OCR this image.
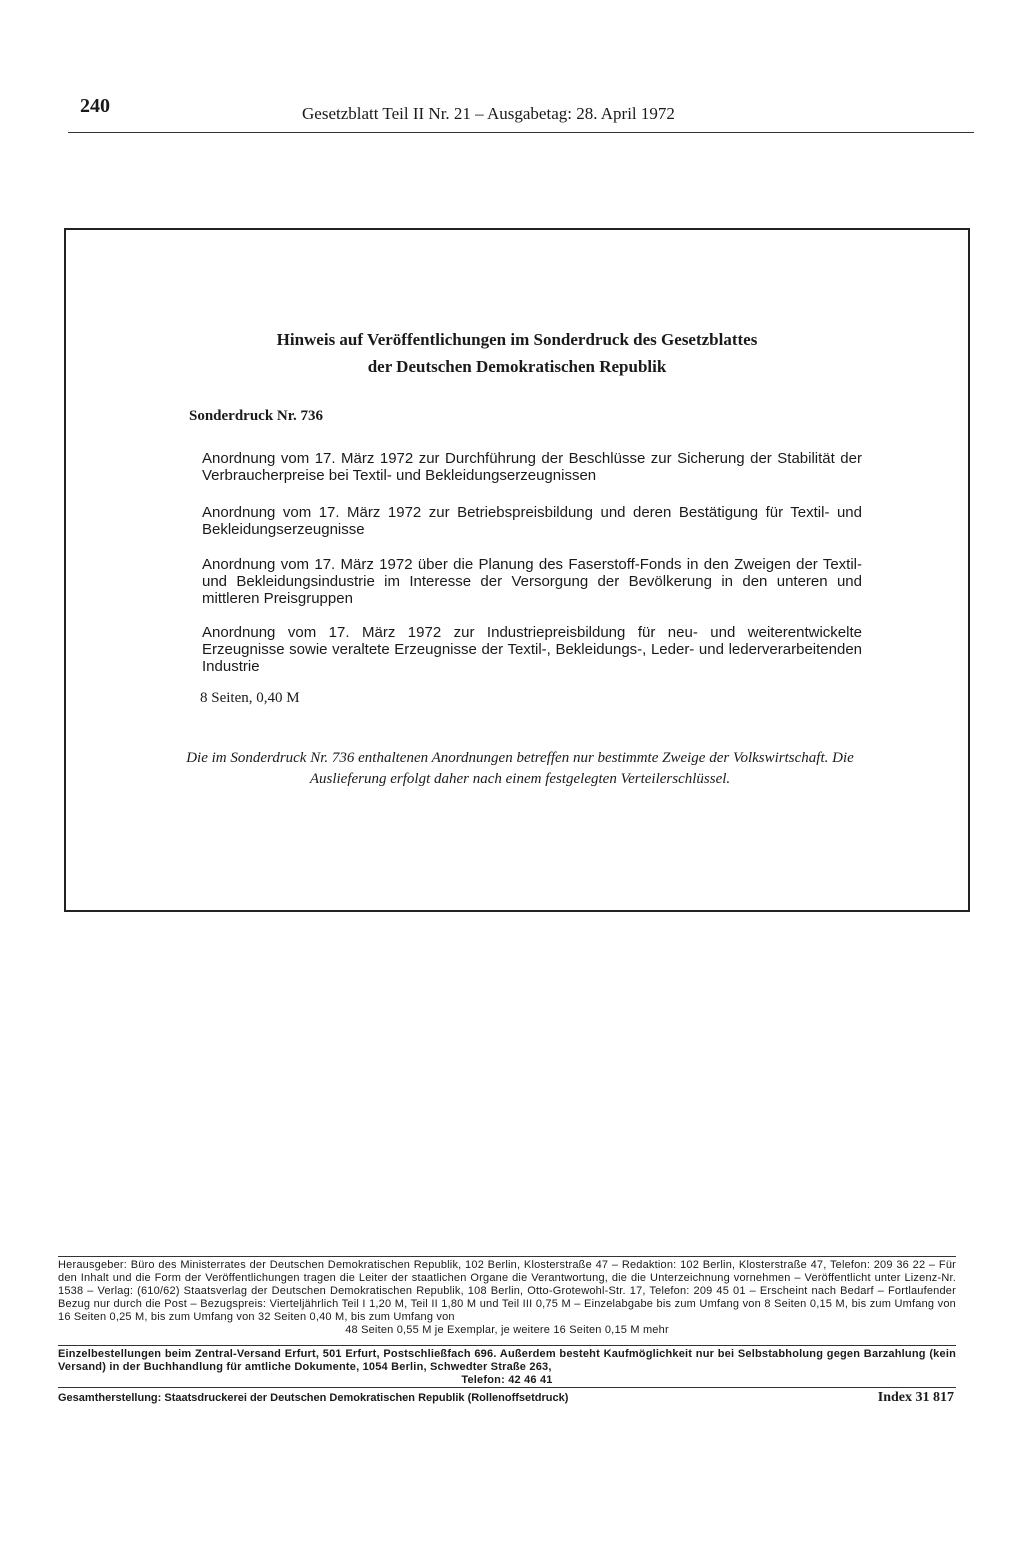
240	Gesetzblatt Teil II Nr. 21 – Ausgabetag: 28. April 1972
Hinweis auf Veröffentlichungen im Sonderdruck des Gesetzblattes
der Deutschen Demokratischen Republik
Sonderdruck Nr. 736
Anordnung vom 17. März 1972 zur Durchführung der Beschlüsse zur Sicherung der Stabilität der Verbraucherpreise bei Textil- und Bekleidungserzeugnissen
Anordnung vom 17. März 1972 zur Betriebspreisbildung und deren Bestätigung für Textil- und Bekleidungserzeugnisse
Anordnung vom 17. März 1972 über die Planung des Faserstoff-Fonds in den Zweigen der Textil- und Bekleidungsindustrie im Interesse der Versorgung der Bevölkerung in den unteren und mittleren Preisgruppen
Anordnung vom 17. März 1972 zur Industriepreisbildung für neu- und weiterentwickelte Erzeugnisse sowie veraltete Erzeugnisse der Textil-, Bekleidungs-, Leder- und lederverarbeitenden Industrie
8 Seiten, 0,40 M
Die im Sonderdruck Nr. 736 enthaltenen Anordnungen betreffen nur bestimmte Zweige der Volkswirtschaft. Die Auslieferung erfolgt daher nach einem festgelegten Verteilerschlüssel.
Herausgeber: Büro des Ministerrates der Deutschen Demokratischen Republik, 102 Berlin, Klosterstraße 47 – Redaktion: 102 Berlin, Klosterstraße 47, Telefon: 209 36 22 – Für den Inhalt und die Form der Veröffentlichungen tragen die Leiter der staatlichen Organe die Verantwortung, die die Unterzeichnung vornehmen – Veröffentlicht unter Lizenz-Nr. 1538 – Verlag: (610/62) Staatsverlag der Deutschen Demokratischen Republik, 108 Berlin, Otto-Grotewohl-Str. 17, Telefon: 209 45 01 – Erscheint nach Bedarf – Fortlaufender Bezug nur durch die Post – Bezugspreis: Vierteljährlich Teil I 1,20 M, Teil II 1,80 M und Teil III 0,75 M – Einzelabgabe bis zum Umfang von 8 Seiten 0,15 M, bis zum Umfang von 16 Seiten 0,25 M, bis zum Umfang von 32 Seiten 0,40 M, bis zum Umfang von
48 Seiten 0,55 M je Exemplar, je weitere 16 Seiten 0,15 M mehr
Einzelbestellungen beim Zentral-Versand Erfurt, 501 Erfurt, Postschließfach 696. Außerdem besteht Kaufmöglichkeit nur bei Selbstabholung gegen Barzahlung (kein Versand) in der Buchhandlung für amtliche Dokumente, 1054 Berlin, Schwedter Straße 263,
Telefon: 42 46 41
Gesamtherstellung: Staatsdruckerei der Deutschen Demokratischen Republik (Rollenoffsetdruck)	Index 31 817
